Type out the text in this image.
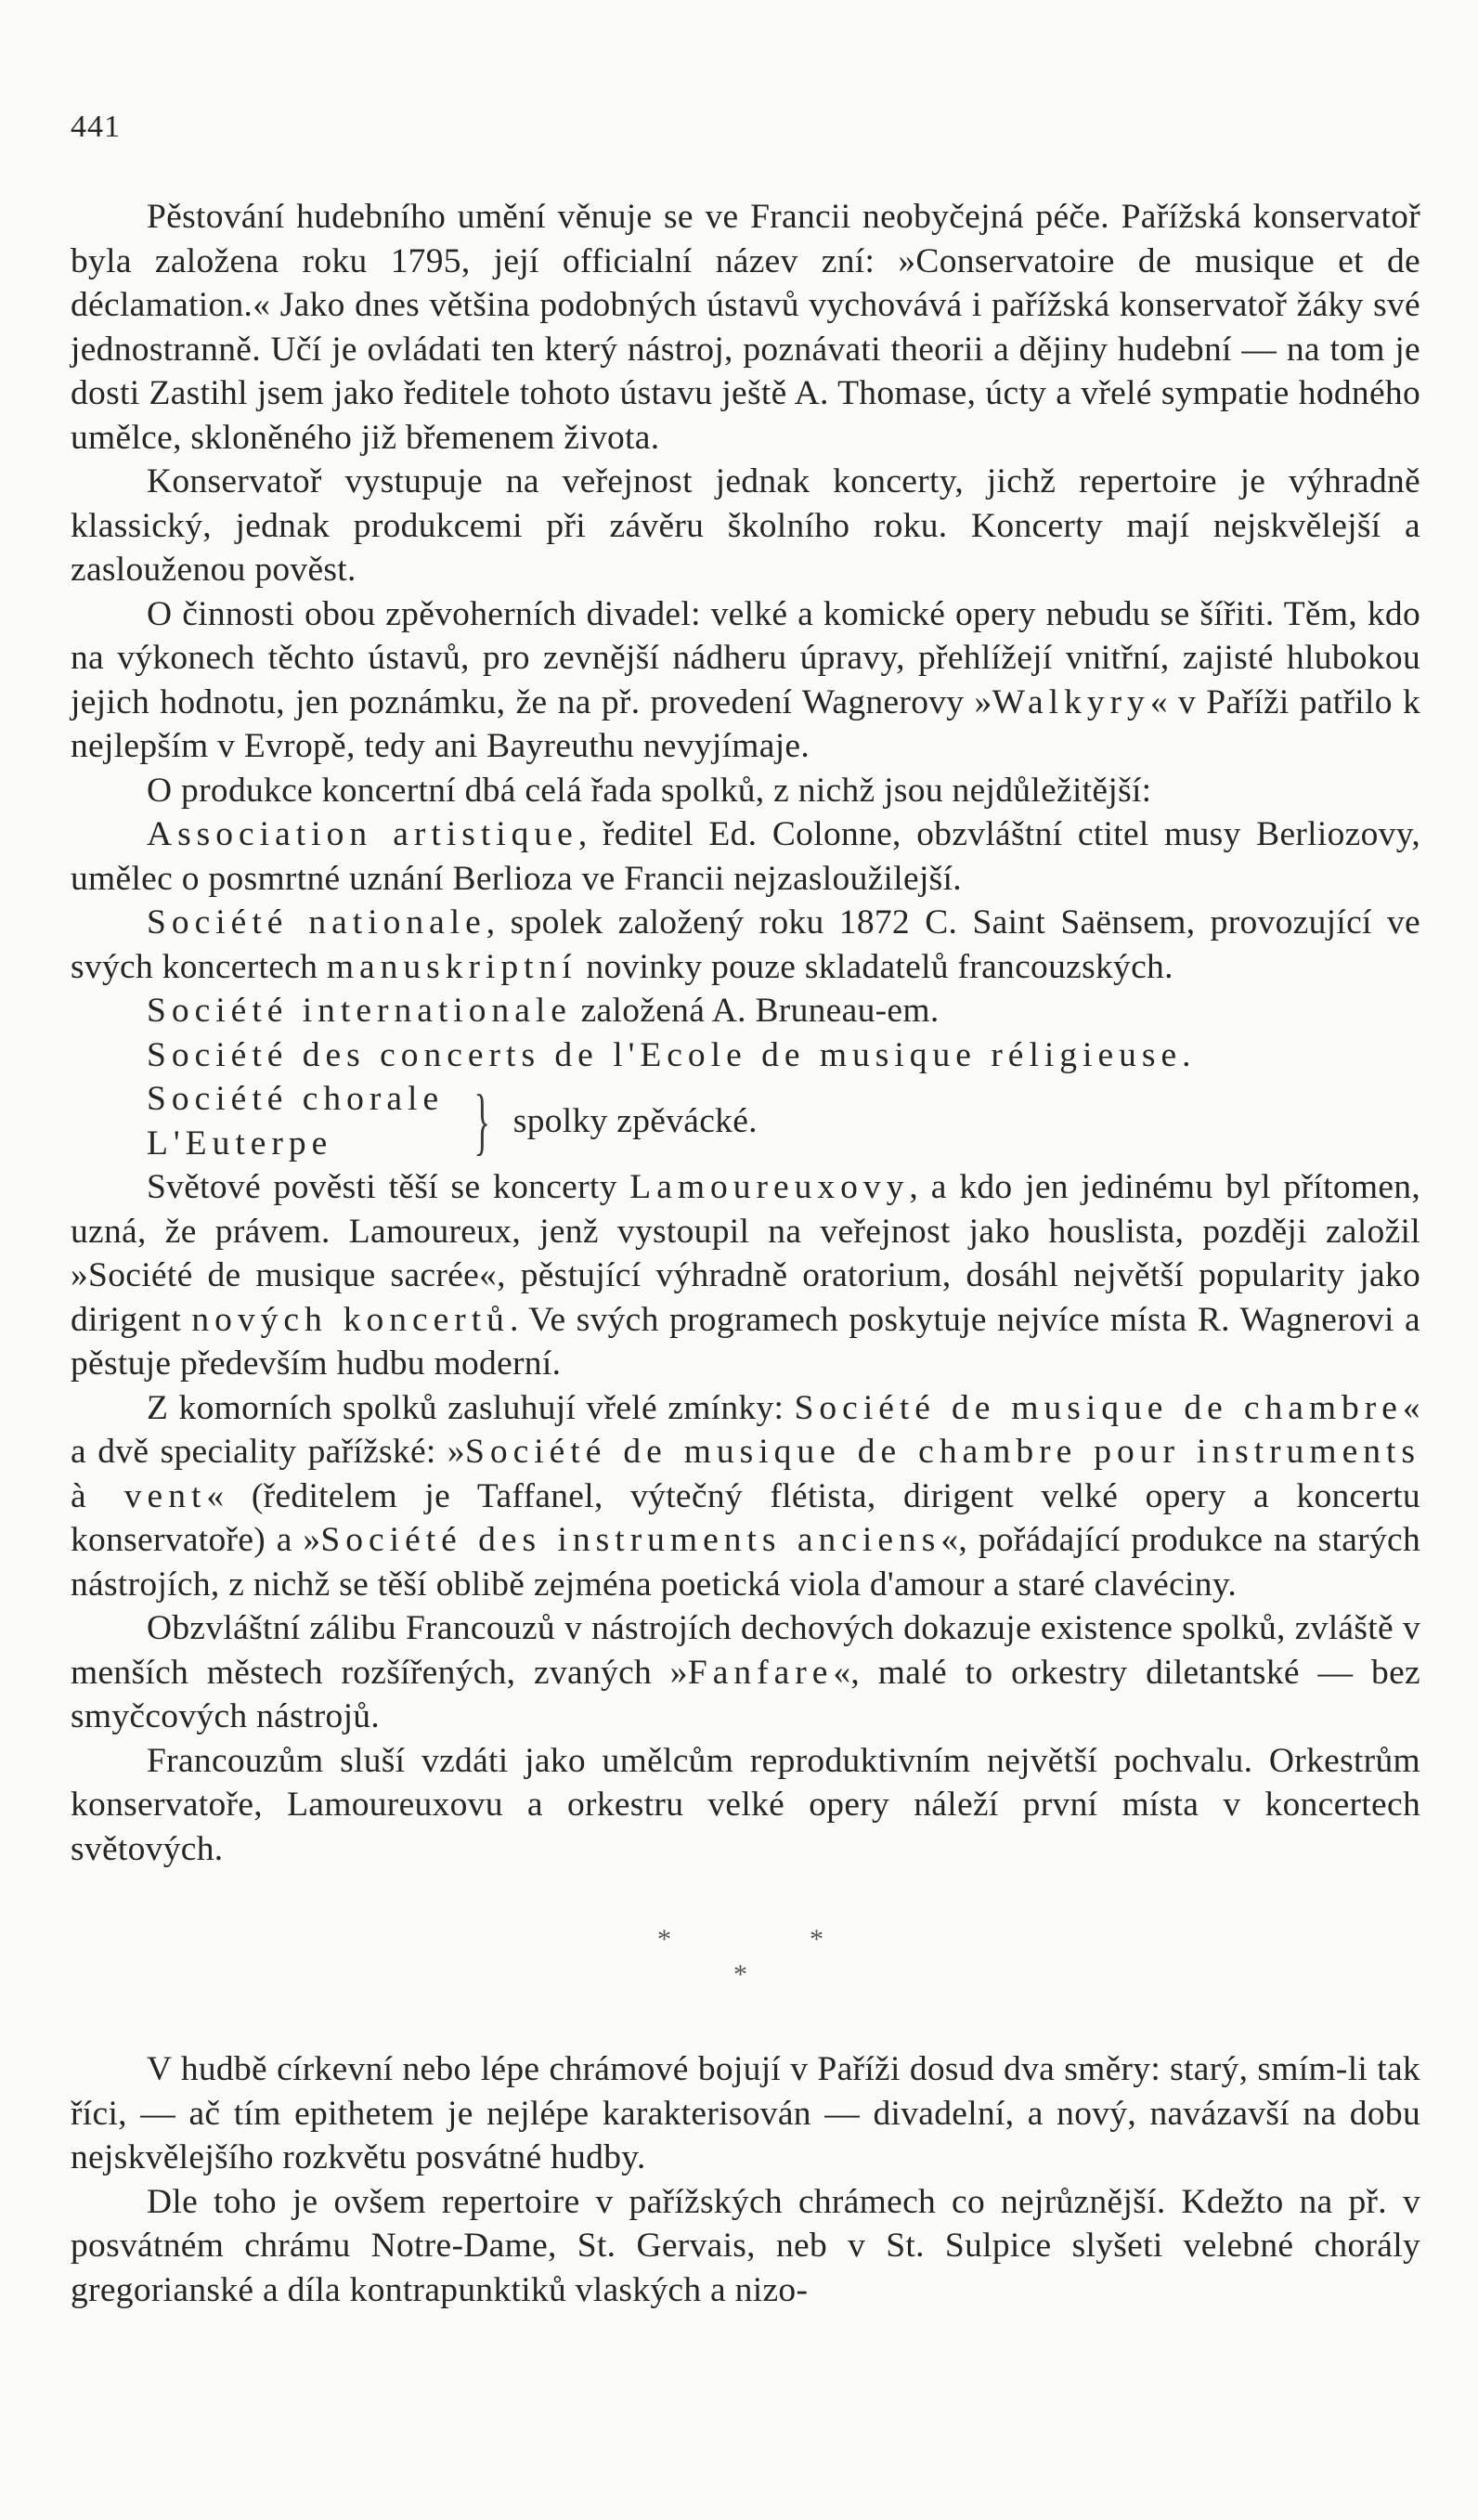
441

Pěstování hudebního umění věnuje se ve Francii neobyčejná péče. Pařížská konservatoř byla založena roku 1795, její officialní název zní: »Conservatoire de musique et de déclamation.« Jako dnes většina podobných ústavů vychovává i pařížská konservatoř žáky své jednostranně. Učí je ovládati ten který nástroj, poznávati theorii a dějiny hudební — na tom je dosti Zastihl jsem jako ředitele tohoto ústavu ještě A. Thomase, úcty a vřelé sympatie hodného umělce, skloněného již břemenem života.

Konservatoř vystupuje na veřejnost jednak koncerty, jichž repertoire je výhradně klassický, jednak produkcemi při závěru školního roku. Koncerty mají nejskvělejší a zaslouženou pověst.

O činnosti obou zpěvoherních divadel: velké a komické opery nebudu se šířiti. Těm, kdo na výkonech těchto ústavů, pro zevnější nádheru úpravy, přehlížejí vnitřní, zajisté hlubokou jejich hodnotu, jen poznámku, že na př. provedení Wagnerovy »Walkyry« v Paříži patřilo k nejlepším v Evropě, tedy ani Bayreuthu nevyjímaje.

O produkce koncertní dbá celá řada spolků, z nichž jsou nejdůležitější:

Association artistique, ředitel Ed. Colonne, obzvláštní ctitel musy Berliozovy, umělec o posmrtné uznání Berlioza ve Francii nejzasloužilejší.

Société nationale, spolek založený roku 1872 C. Saint Saënsem, provozující ve svých koncertech manuskriptní novinky pouze skladatelů francouzských.

Société internationale založená A. Bruneau-em.

Société des concerts de l'Ecole de musique réligieuse.

Société chorale
L'Euterpe	} spolky zpěvácké.

Světové pověsti těší se koncerty Lamoureuxovy, a kdo jen jedinému byl přítomen, uzná, že právem. Lamoureux, jenž vystoupil na veřejnost jako houslista, později založil »Société de musique sacrée«, pěstující výhradně oratorium, dosáhl největší popularity jako dirigent nových koncertů. Ve svých programech poskytuje nejvíce místa R. Wagnerovi a pěstuje především hudbu moderní.

Z komorních spolků zasluhují vřelé zmínky: Société de musique de chambre« a dvě speciality pařížské: »Société de musique de chambre pour instruments à vent« (ředitelem je Taffanel, výtečný flétista, dirigent velké opery a koncertu konservatoře) a »Société des instruments anciens«, pořádající produkce na starých nástrojích, z nichž se těší oblibě zejména poetická viola d'amour a staré clavéciny.

Obzvláštní zálibu Francouzů v nástrojích dechových dokazuje existence spolků, zvláště v menších městech rozšířených, zvaných »Fanfare«, malé to orkestry diletantské — bez smyčcových nástrojů.

Francouzům sluší vzdáti jako umělcům reproduktivním největší pochvalu. Orkestrům konservatoře, Lamoureuxovu a orkestru velké opery náleží první místa v koncertech světových.

*	*
*

V hudbě církevní nebo lépe chrámové bojují v Paříži dosud dva směry: starý, smím-li tak říci, — ač tím epithetem je nejlépe karakterisován — divadelní, a nový, navázavší na dobu nejskvělejšího rozkvětu posvátné hudby.

Dle toho je ovšem repertoire v pařížských chrámech co nejrůznější. Kdežto na př. v posvátném chrámu Notre-Dame, St. Gervais, neb v St. Sulpice slyšeti velebné chorály gregorianské a díla kontrapunktiků vlaských a nizo-
